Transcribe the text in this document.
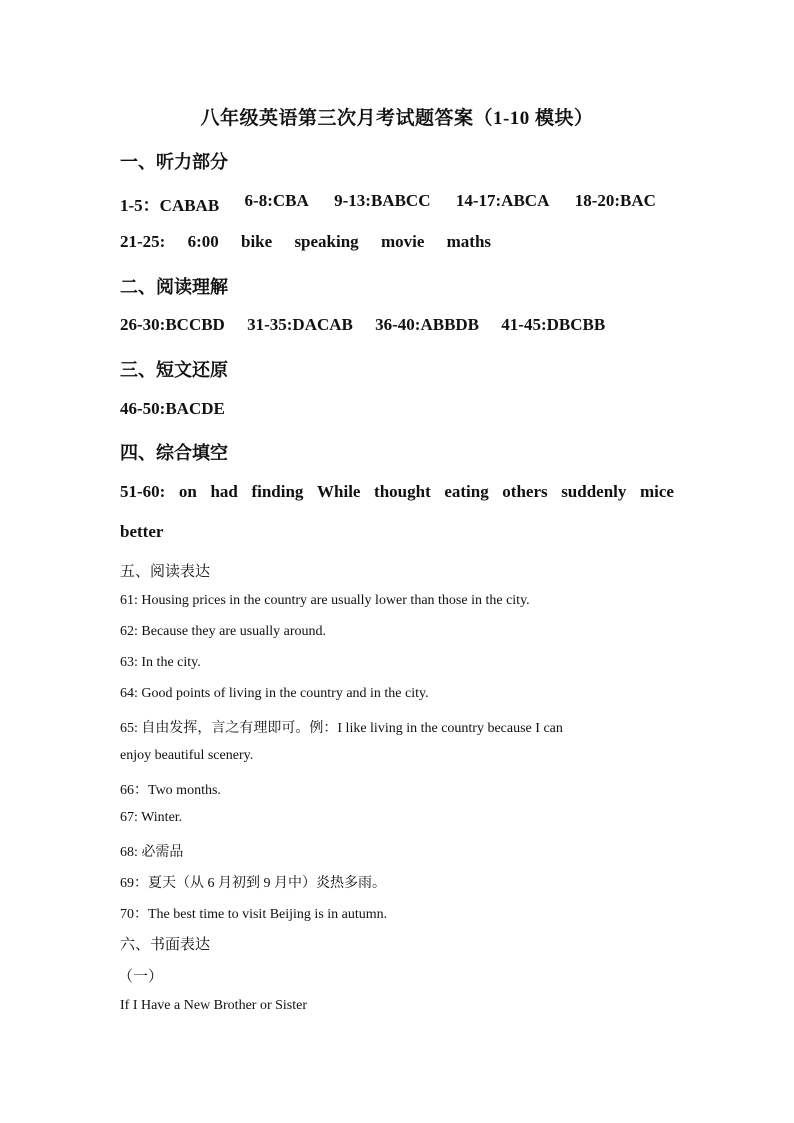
八年级英语第三次月考试题答案（1-10 模块）
一、听力部分
1-5：CABAB 6-8:CBA 9-13:BABCC 14-17:ABCA 18-20:BAC
21-25: 6:00 bike speaking movie maths
二、阅读理解
26-30:BCCBD 31-35:DACAB 36-40:ABBDB 41-45:DBCBB
三、短文还原
46-50:BACDE
四、综合填空
51-60: on had finding While thought eating others suddenly mice
better
五、阅读表达
61: Housing prices in the country are usually lower than those in the city.
62: Because they are usually around.
63: In the city.
64: Good points of living in the country and in the city.
65: 自由发挥，言之有理即可。例：I like living in the country because I can
enjoy beautiful scenery.
66：Two months.
67: Winter.
68: 必需品
69：夏天（从 6 月初到 9 月中）炎热多雨。
70：The best time to visit Beijing is in autumn.
六、书面表达
（一）
If I Have a New Brother or Sister
